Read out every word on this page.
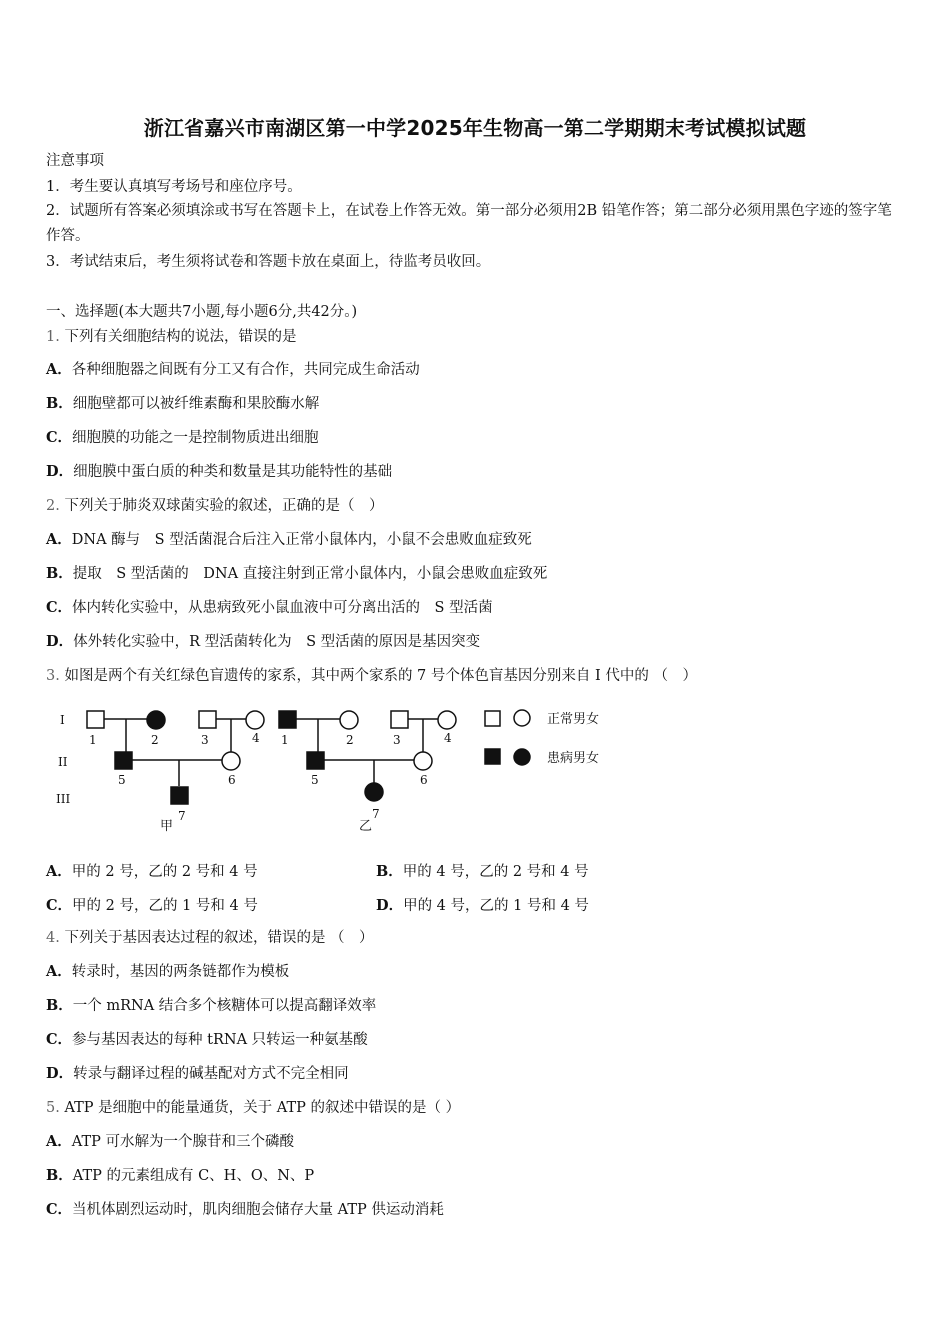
浙江省嘉兴市南湖区第一中学2025年生物高一第二学期期末考试模拟试题
注意事项
1．考生要认真填写考场号和座位序号。
2．试题所有答案必须填涂或书写在答题卡上，在试卷上作答无效。第一部分必须用2B 铅笔作答；第二部分必须用黑色字迹的签字笔作答。
3．考试结束后，考生须将试卷和答题卡放在桌面上，待监考员收回。
一、选择题(本大题共7小题,每小题6分,共42分。)
1. 下列有关细胞结构的说法，错误的是
A．各种细胞器之间既有分工又有合作，共同完成生命活动
B．细胞壁都可以被纤维素酶和果胶酶水解
C．细胞膜的功能之一是控制物质进出细胞
D．细胞膜中蛋白质的种类和数量是其功能特性的基础
2. 下列关于肺炎双球菌实验的叙述，正确的是（　）
A．DNA 酶与　S 型活菌混合后注入正常小鼠体内，小鼠不会患败血症致死
B．提取　S 型活菌的　DNA 直接注射到正常小鼠体内，小鼠会患败血症致死
C．体内转化实验中，从患病致死小鼠血液中可分离出活的　S 型活菌
D．体外转化实验中，R 型活菌转化为　S 型活菌的原因是基因突变
3. 如图是两个有关红绿色盲遗传的家系，其中两个家系的 7 号个体色盲基因分别来自 I 代中的 （　）
I
II
III
1	2	3	4
5	6
7
甲
1	2	3	4
5	6
7
乙
正常男女
患病男女
A．甲的 2 号，乙的 2 号和 4 号	B．甲的 4 号，乙的 2 号和 4 号
C．甲的 2 号，乙的 1 号和 4 号	D．甲的 4 号，乙的 1 号和 4 号
4. 下列关于基因表达过程的叙述，错误的是 （　）
A．转录时，基因的两条链都作为模板
B．一个 mRNA 结合多个核糖体可以提高翻译效率
C．参与基因表达的每种 tRNA 只转运一种氨基酸
D．转录与翻译过程的碱基配对方式不完全相同
5. ATP 是细胞中的能量通货，关于 ATP 的叙述中错误的是（ ）
A．ATP 可水解为一个腺苷和三个磷酸
B．ATP 的元素组成有 C、H、O、N、P
C．当机体剧烈运动时，肌肉细胞会储存大量 ATP 供运动消耗
